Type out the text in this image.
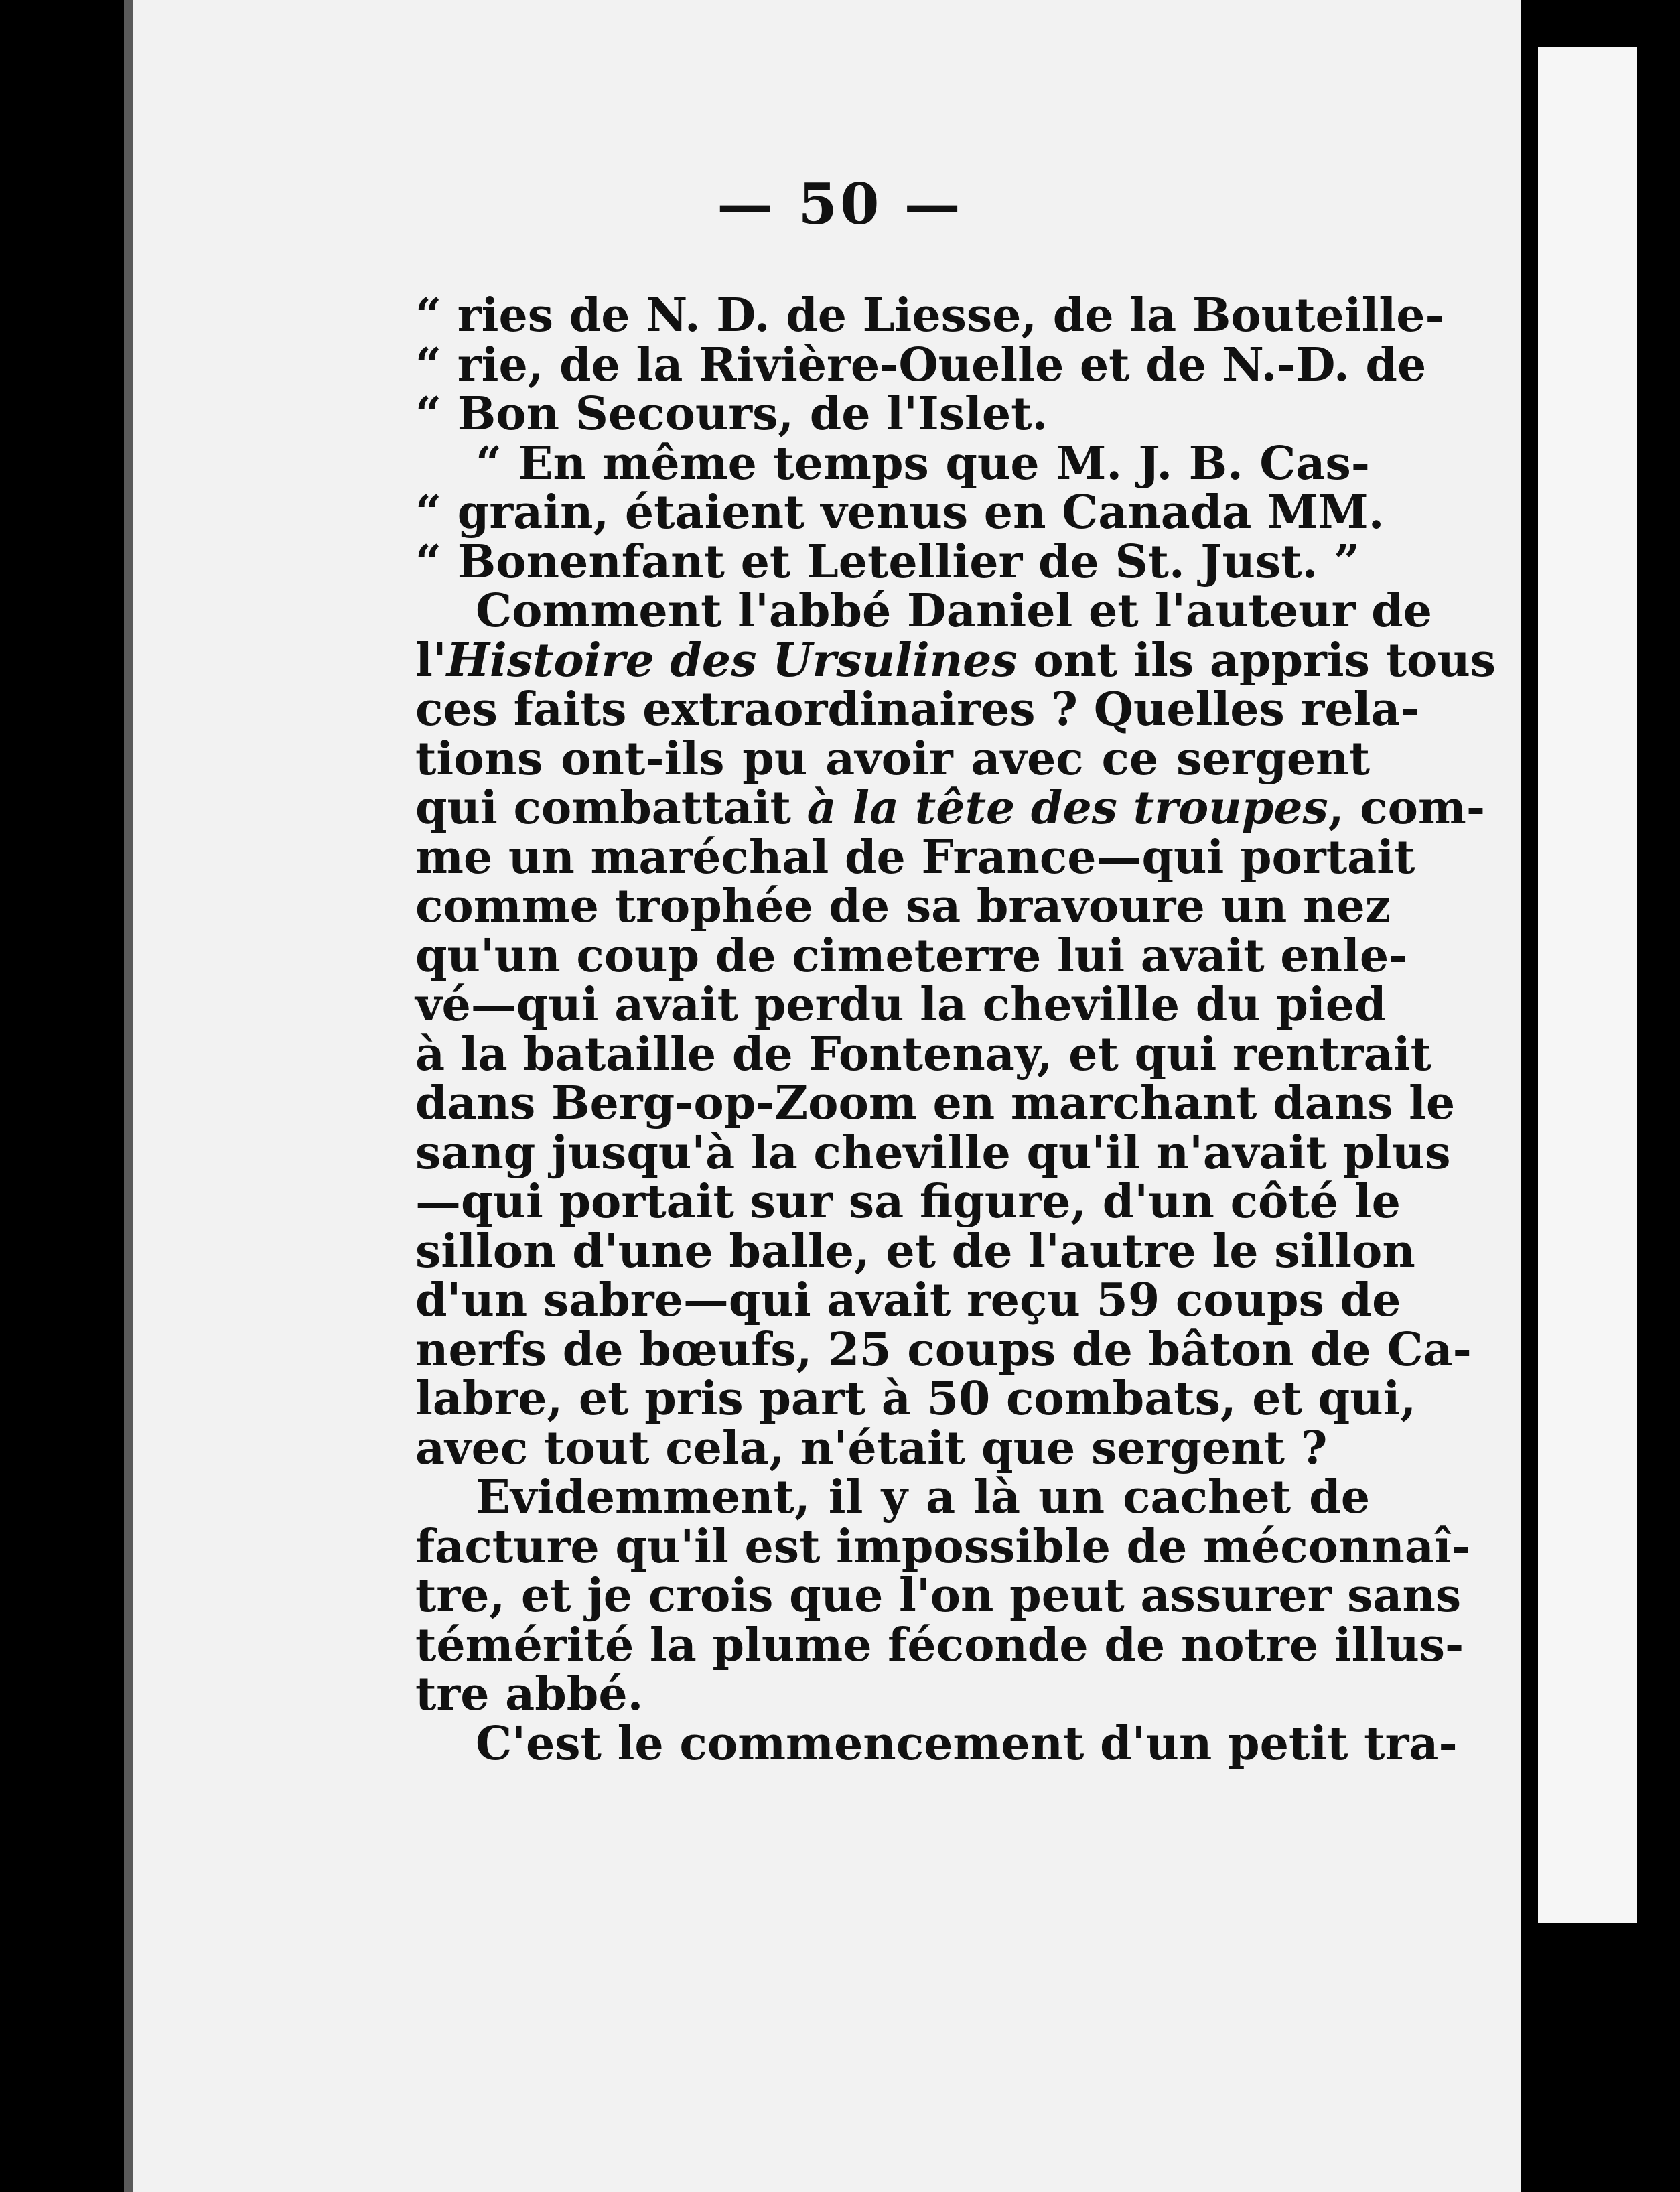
— 50 —
“ ries de N. D. de Liesse, de la Bouteille-
“ rie, de la Rivière-Ouelle et de N.-D. de
“ Bon Secours, de l'Islet.
“ En même temps que M. J. B. Cas-
“ grain, étaient venus en Canada MM.
“ Bonenfant et Letellier de St. Just. ”
Comment l'abbé Daniel et l'auteur de
l'Histoire des Ursulines ont ils appris tous
ces faits extraordinaires ? Quelles rela-
tions ont-ils pu avoir avec ce sergent
qui combattait à la tête des troupes, com-
me un maréchal de France—qui portait
comme trophée de sa bravoure un nez
qu'un coup de cimeterre lui avait enle-
vé—qui avait perdu la cheville du pied
à la bataille de Fontenay, et qui rentrait
dans Berg-op-Zoom en marchant dans le
sang jusqu'à la cheville qu'il n'avait plus
—qui portait sur sa figure, d'un côté le
sillon d'une balle, et de l'autre le sillon
d'un sabre—qui avait reçu 59 coups de
nerfs de bœufs, 25 coups de bâton de Ca-
labre, et pris part à 50 combats, et qui,
avec tout cela, n'était que sergent ?
Evidemment, il y a là un cachet de
facture qu'il est impossible de méconnaî-
tre, et je crois que l'on peut assurer sans
témérité la plume féconde de notre illus-
tre abbé.
C'est le commencement d'un petit tra-
